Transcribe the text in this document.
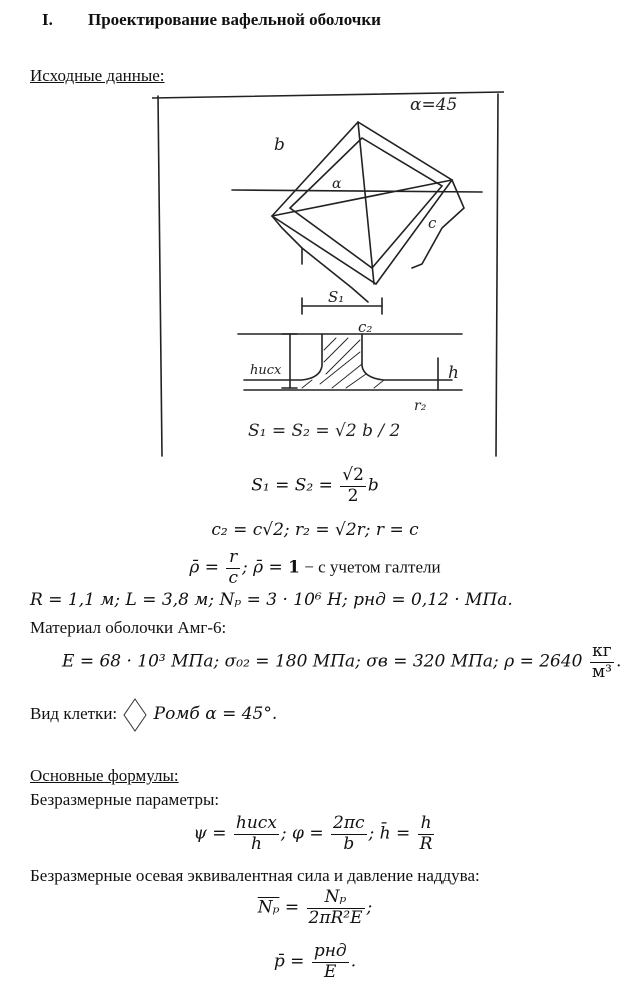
I. Проектирование вафельной оболочки
Исходные данные:
α=45
b
α
c
S₁
c₂
h
hисх
r₂
S₁ = S₂ = √2 b / 2
$S_1 = S_2 = \frac{√2}{2}$ b
c₂ = c√2; r₂ = √2r; r = c
ρ̄ = $\frac{r}{c}$ ; ρ̄ = 1 − с учетом галтели
R = 1,1 м; L = 3,8 м; Nₚ = 3 · 10⁶ Н; pнд = 0,12 · МПа.
Материал оболочки Амг-6:
E = 68 · 10³ МПа; σ₀₂ = 180 МПа; σв = 320 МПа; $\rho = 2640 \frac{кг}{\text{м³}}$ .
Вид клетки: Ромб α = 45°.
Основные формулы:
Безразмерные параметры:
$\psi = \frac{\text{hисх}}{h}$ ; $\varphi = \frac{2\pi c}{b}$ ; h̄ = $\frac{h}{R}$
Безразмерные осевая эквивалентная сила и давление наддува:
$\overline{N_p} = \frac{\text{Nₚ}}{\text{2πR²E}}$ ;
p̄ = $\frac{\text{pнд}}{E}$ .
